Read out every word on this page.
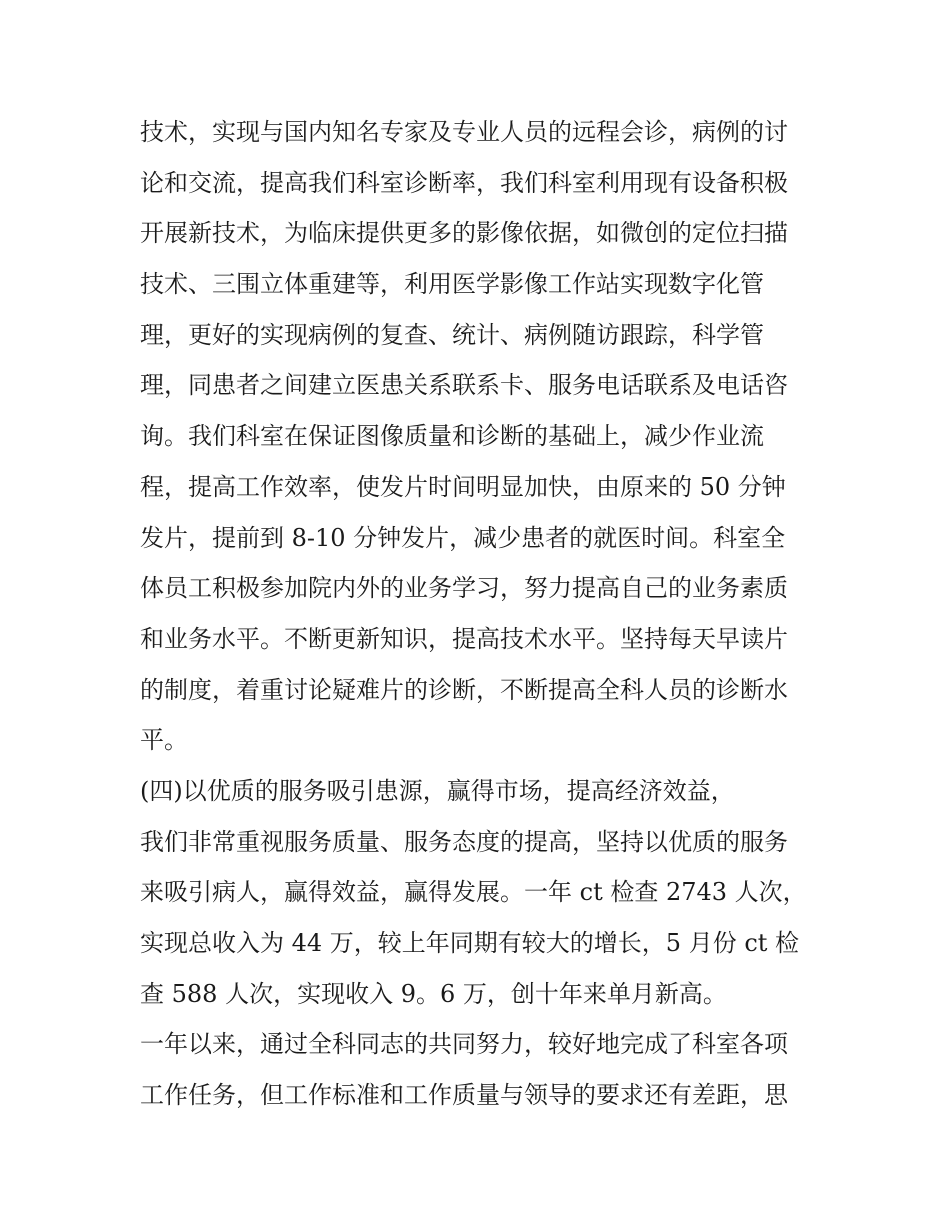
技术，实现与国内知名专家及专业人员的远程会诊，病例的讨
论和交流，提高我们科室诊断率，我们科室利用现有设备积极
开展新技术，为临床提供更多的影像依据，如微创的定位扫描
技术、三围立体重建等，利用医学影像工作站实现数字化管
理，更好的实现病例的复查、统计、病例随访跟踪，科学管
理，同患者之间建立医患关系联系卡、服务电话联系及电话咨
询。我们科室在保证图像质量和诊断的基础上，减少作业流
程，提高工作效率，使发片时间明显加快，由原来的 50 分钟
发片，提前到 8-10 分钟发片，减少患者的就医时间。科室全
体员工积极参加院内外的业务学习，努力提高自己的业务素质
和业务水平。不断更新知识，提高技术水平。坚持每天早读片
的制度，着重讨论疑难片的诊断，不断提高全科人员的诊断水
平。
(四)以优质的服务吸引患源，赢得市场，提高经济效益，
我们非常重视服务质量、服务态度的提高，坚持以优质的服务
来吸引病人，赢得效益，赢得发展。一年 ct 检查 2743 人次，
实现总收入为 44 万，较上年同期有较大的增长，5 月份 ct 检
查 588 人次，实现收入 9。6 万，创十年来单月新高。
一年以来，通过全科同志的共同努力，较好地完成了科室各项
工作任务，但工作标准和工作质量与领导的要求还有差距，思
